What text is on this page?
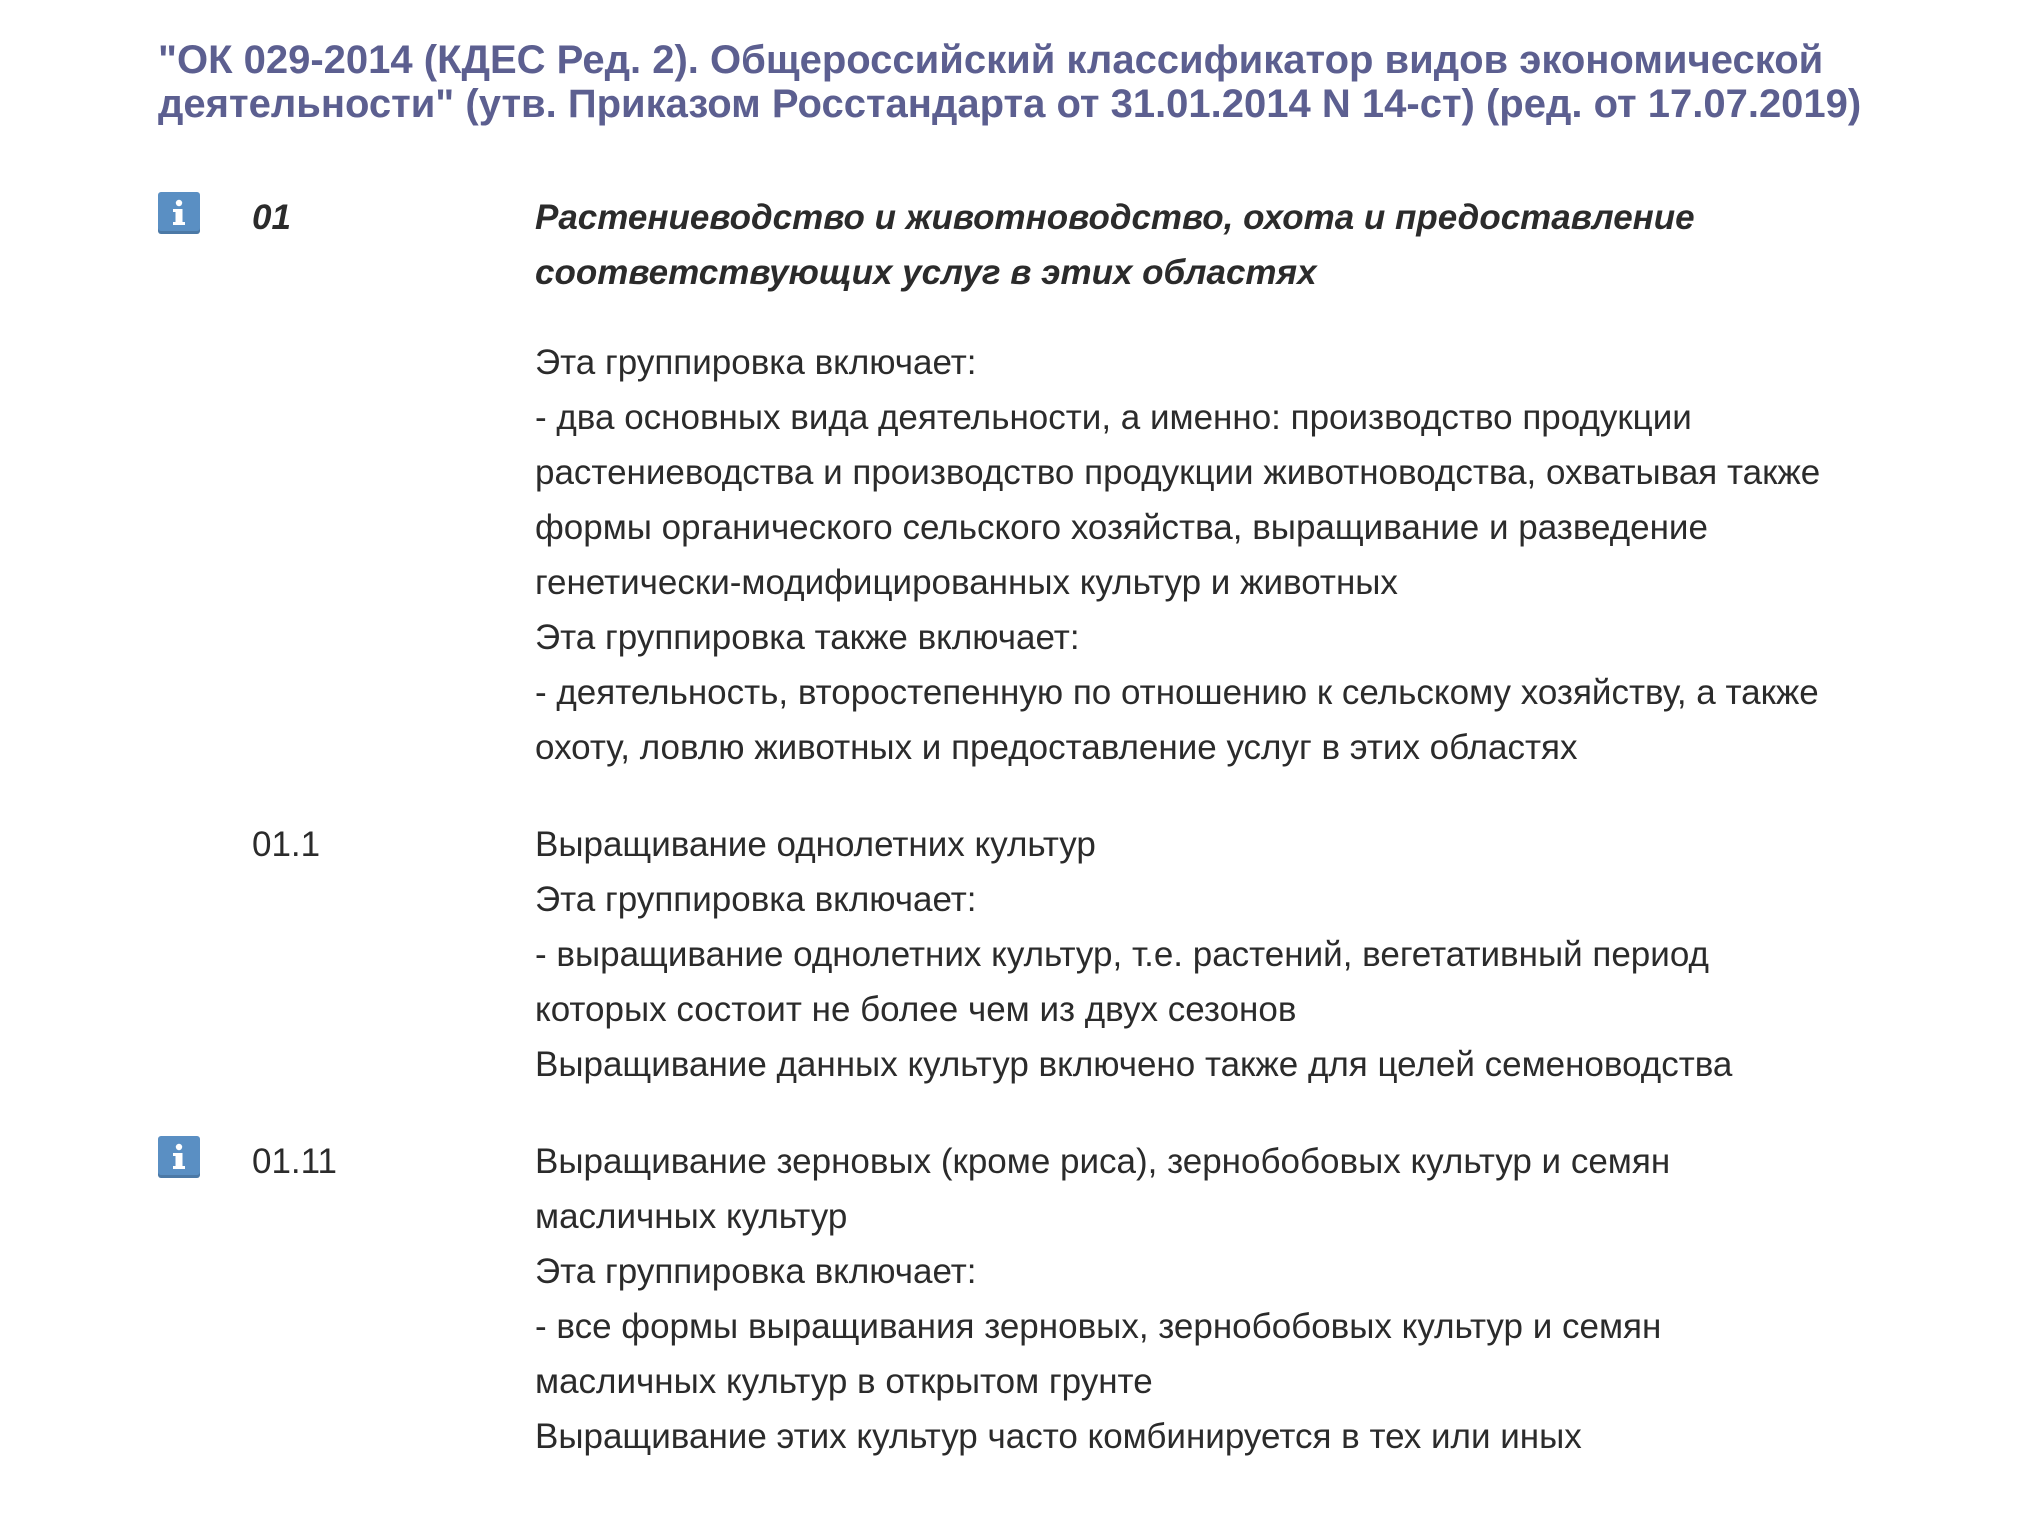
"ОК 029-2014 (КДЕС Ред. 2). Общероссийский классификатор видов экономической деятельности" (утв. Приказом Росстандарта от 31.01.2014 N 14-ст) (ред. от 17.07.2019)
01	Растениеводство и животноводство, охота и предоставление соответствующих услуг в этих областях
Эта группировка включает:
- два основных вида деятельности, а именно: производство продукции растениеводства и производство продукции животноводства, охватывая также формы органического сельского хозяйства, выращивание и разведение генетически-модифицированных культур и животных
Эта группировка также включает:
- деятельность, второстепенную по отношению к сельскому хозяйству, а также охоту, ловлю животных и предоставление услуг в этих областях
01.1	Выращивание однолетних культур
Эта группировка включает:
- выращивание однолетних культур, т.е. растений, вегетативный период которых состоит не более чем из двух сезонов
Выращивание данных культур включено также для целей семеноводства
01.11	Выращивание зерновых (кроме риса), зернобобовых культур и семян масличных культур
Эта группировка включает:
- все формы выращивания зерновых, зернобобовых культур и семян масличных культур в открытом грунте
Выращивание этих культур часто комбинируется в тех или иных
